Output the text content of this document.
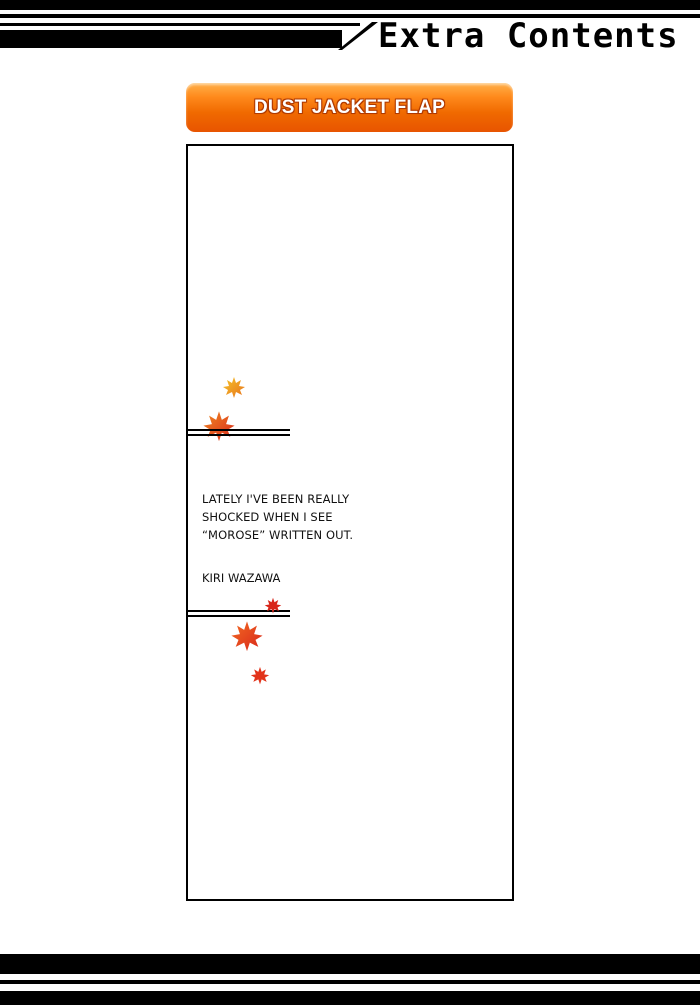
Extra Contents
DUST JACKET FLAP

LATELY I'VE BEEN REALLY

SHOCKED WHEN I SEE

“MOROSE” WRITTEN OUT.

KIRI WAZAWA
